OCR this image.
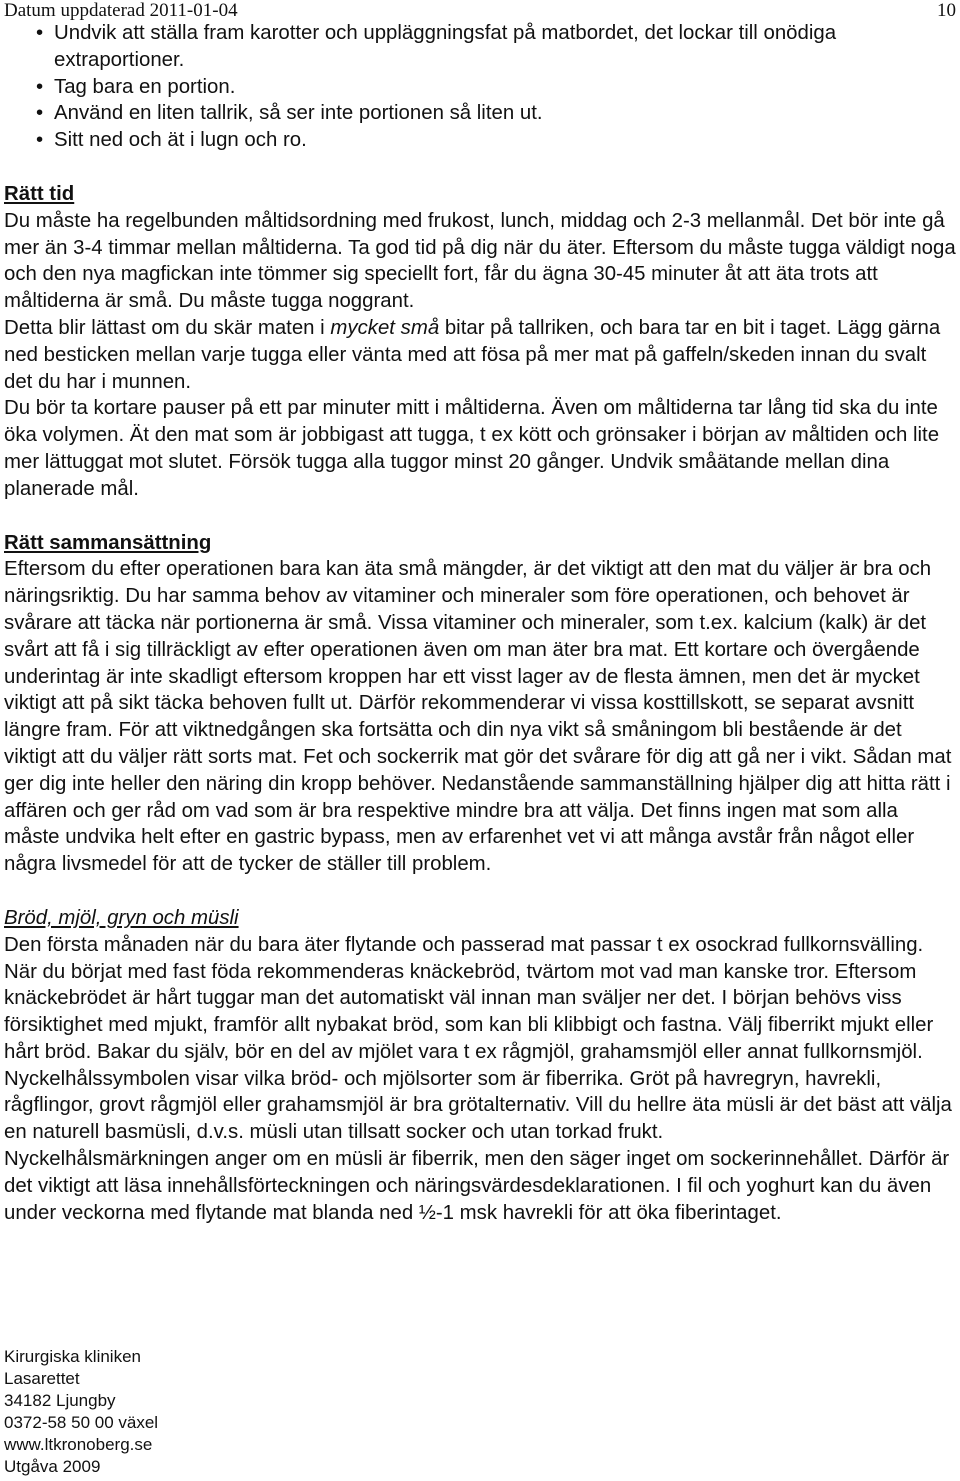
Datum uppdaterad 2011-01-04	10
• Undvik att ställa fram karotter och uppläggningsfat på matbordet, det lockar till onödiga extraportioner.
• Tag bara en portion.
• Använd en liten tallrik, så ser inte portionen så liten ut.
• Sitt ned och ät i lugn och ro.
Rätt tid

Du måste ha regelbunden måltidsordning med frukost, lunch, middag och 2-3 mellanmål. Det bör inte gå mer än 3-4 timmar mellan måltiderna. Ta god tid på dig när du äter. Eftersom du måste tugga väldigt noga och den nya magfickan inte tömmer sig speciellt fort, får du ägna 30-45 minuter åt att äta trots att måltiderna är små. Du måste tugga noggrant.

Detta blir lättast om du skär maten i mycket små bitar på tallriken, och bara tar en bit i taget. Lägg gärna ned besticken mellan varje tugga eller vänta med att fösa på mer mat på gaffeln/skeden innan du svalt det du har i munnen.

Du bör ta kortare pauser på ett par minuter mitt i måltiderna. Även om måltiderna tar lång tid ska du inte öka volymen. Ät den mat som är jobbigast att tugga, t ex kött och grönsaker i början av måltiden och lite mer lättuggat mot slutet. Försök tugga alla tuggor minst 20 gånger. Undvik småätande mellan dina planerade mål.

Rätt sammansättning

Eftersom du efter operationen bara kan äta små mängder, är det viktigt att den mat du väljer är bra och näringsriktig. Du har samma behov av vitaminer och mineraler som före operationen, och behovet är svårare att täcka när portionerna är små. Vissa vitaminer och mineraler, som t.ex. kalcium (kalk) är det svårt att få i sig tillräckligt av efter operationen även om man äter bra mat. Ett kortare och övergående underintag är inte skadligt eftersom kroppen har ett visst lager av de flesta ämnen, men det är mycket viktigt att på sikt täcka behoven fullt ut. Därför rekommenderar vi vissa kosttillskott, se separat avsnitt längre fram. För att viktnedgången ska fortsätta och din nya vikt så småningom bli bestående är det viktigt att du väljer rätt sorts mat. Fet och sockerrik mat gör det svårare för dig att gå ner i vikt. Sådan mat ger dig inte heller den näring din kropp behöver. Nedanstående sammanställning hjälper dig att hitta rätt i affären och ger råd om vad som är bra respektive mindre bra att välja. Det finns ingen mat som alla måste undvika helt efter en gastric bypass, men av erfarenhet vet vi att många avstår från något eller några livsmedel för att de tycker de ställer till problem.

Bröd, mjöl, gryn och müsli

Den första månaden när du bara äter flytande och passerad mat passar t ex osockrad fullkornsvälling. När du börjat med fast föda rekommenderas knäckebröd, tvärtom mot vad man kanske tror. Eftersom knäckebrödet är hårt tuggar man det automatiskt väl innan man sväljer ner det. I början behövs viss försiktighet med mjukt, framför allt nybakat bröd, som kan bli klibbigt och fastna. Välj fiberrikt mjukt eller hårt bröd. Bakar du själv, bör en del av mjölet vara t ex rågmjöl, grahamsmjöl eller annat fullkornsmjöl. Nyckelhålssymbolen visar vilka bröd- och mjölsorter som är fiberrika. Gröt på havregryn, havrekli, rågflingor, grovt rågmjöl eller grahamsmjöl är bra grötalternativ. Vill du hellre äta müsli är det bäst att välja en naturell basmüsli, d.v.s. müsli utan tillsatt socker och utan torkad frukt.

Nyckelhålsmärkningen anger om en müsli är fiberrik, men den säger inget om sockerinnehållet. Därför är det viktigt att läsa innehållsförteckningen och näringsvärdesdeklarationen. I fil och yoghurt kan du även under veckorna med flytande mat blanda ned ½-1 msk havrekli för att öka fiberintaget.

Kirurgiska kliniken
Lasarettet
34182 Ljungby
0372-58 50 00 växel
www.ltkronoberg.se
Utgåva 2009
